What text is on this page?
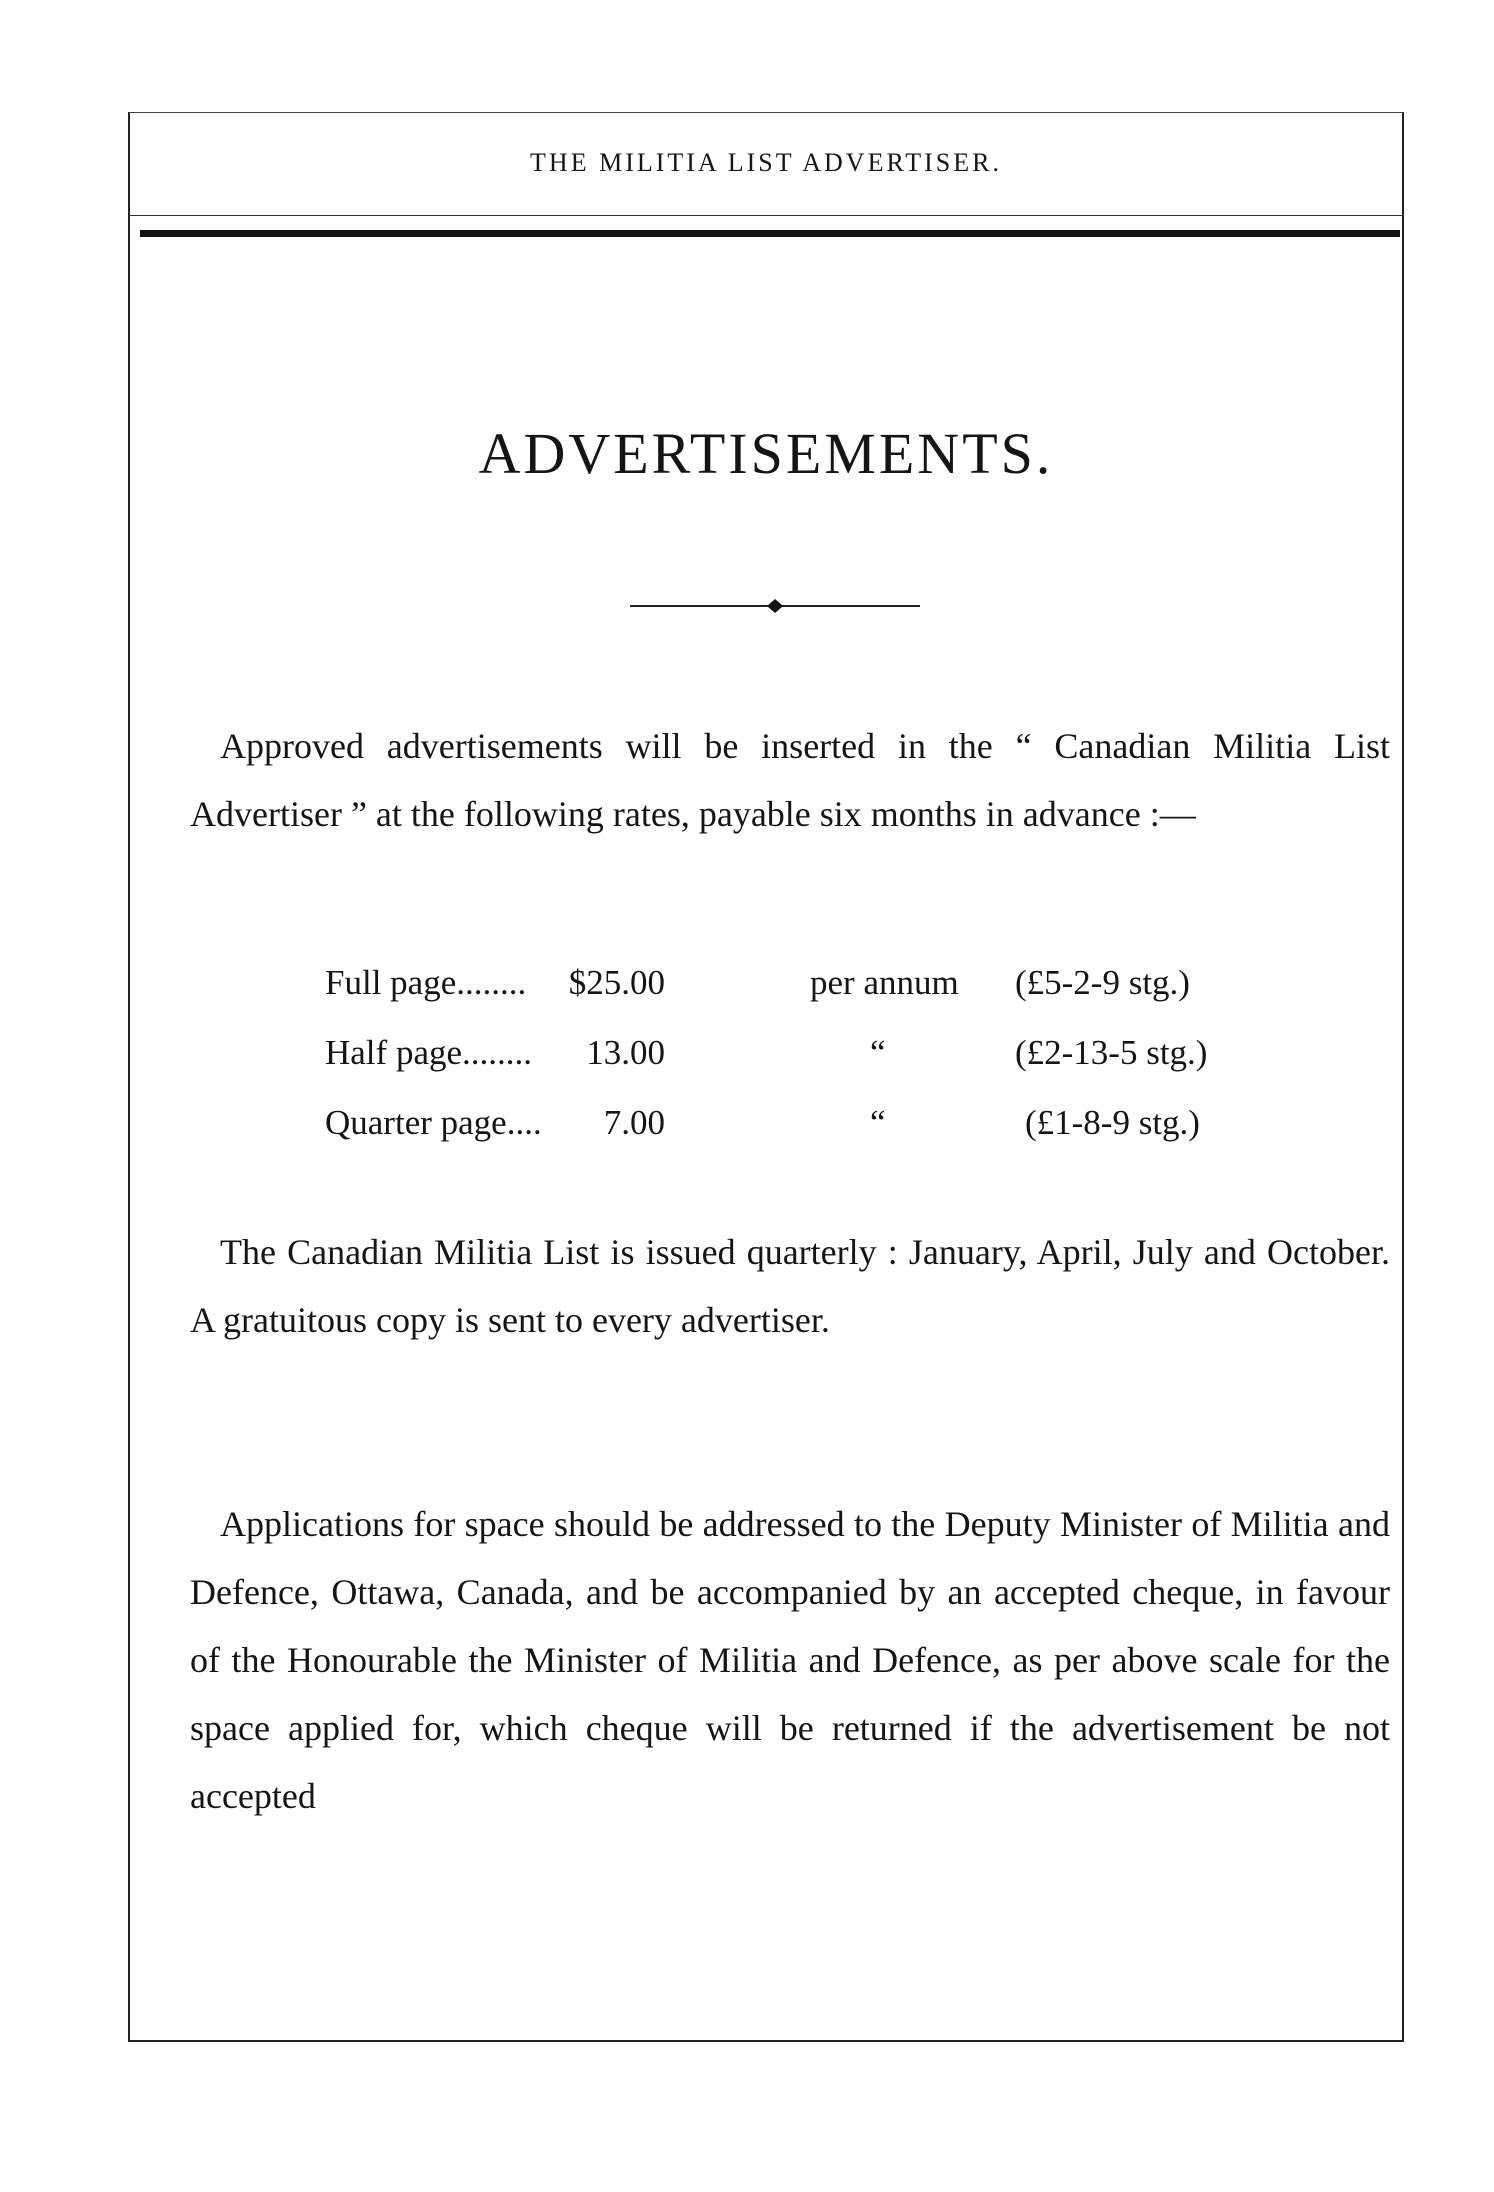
THE MILITIA LIST ADVERTISER.
ADVERTISEMENTS.

Approved advertisements will be inserted in the “ Canadian Militia List Advertiser ” at the following rates, payable six months in advance :—

Full page........	$25.00	per annum (£5-2-9 stg.)
Half page........	13.00	“	(£2-13-5 stg.)
Quarter page....	7.00	“	(£1-8-9 stg.)

The Canadian Militia List is issued quarterly : January, April, July and October. A gratuitous copy is sent to every advertiser.

Applications for space should be addressed to the Deputy Minister of Militia and Defence, Ottawa, Canada, and be accompanied by an accepted cheque, in favour of the Honourable the Minister of Militia and Defence, as per above scale for the space applied for, which cheque will be returned if the advertisement be not accepted
